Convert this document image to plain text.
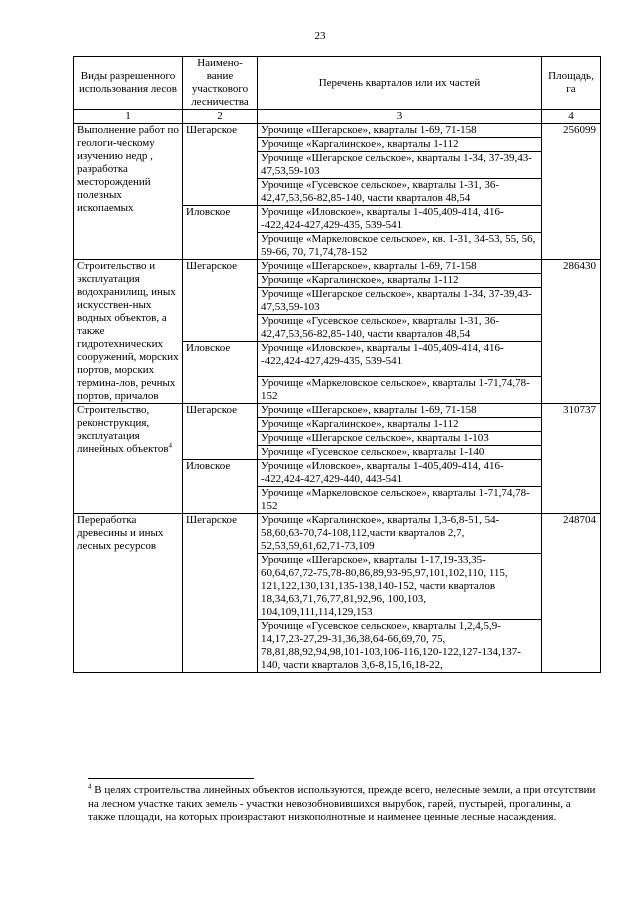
23
Виды разрешенного использования лесов	Наимено-вание участкового лесничества	Перечень кварталов или их частей	Площадь, га
1	2	3	4
Выполнение работ по геологи-ческому изучению недр , разработка месторождений полезных ископаемых	Шегарское	Урочище «Шегарское», кварталы 1-69, 71-158	256099
		Урочище «Каргалинское», кварталы 1-112	
		Урочище «Шегарское сельское», кварталы 1-34, 37-39,43-47,53,59-103	
		Урочище «Гусевское сельское», кварталы 1-31, 36-42,47,53,56-82,85-140, части кварталов 48,54	
	Иловское	Урочище «Иловское», кварталы 1-405,409-414, 416--422,424-427,429-435, 539-541	
		Урочище «Маркеловское сельское», кв. 1-31, 34-53, 55, 56, 59-66, 70, 71,74,78-152	
Строительство и эксплуатация водохранилищ, иных искусствен-ных водных объектов, а также гидротехнических сооружений, морских портов, морских термина-лов, речных портов, причалов	Шегарское	Урочище «Шегарское», кварталы 1-69, 71-158	286430
		Урочище «Каргалинское», кварталы 1-112	
		Урочище «Шегарское сельское», кварталы 1-34, 37-39,43-47,53,59-103	
		Урочище «Гусевское сельское», кварталы 1-31, 36-42,47,53,56-82,85-140, части кварталов 48,54	
	Иловское	Урочище «Иловское», кварталы 1-405,409-414, 416--422,424-427,429-435, 539-541	
		Урочище «Маркеловское сельское», кварталы 1-71,74,78-152	
Строительство, реконструкция, эксплуатация линейных объектов$^4$	Шегарское	Урочище «Шегарское», кварталы 1-69, 71-158	310737
		Урочище «Каргалинское», кварталы 1-112	
		Урочище «Шегарское сельское», кварталы 1-103	
		Урочище «Гусевское сельское», кварталы 1-140	
	Иловское	Урочище «Иловское», кварталы 1-405,409-414, 416--422,424-427,429-440, 443-541	
		Урочище «Маркеловское сельское», кварталы 1-71,74,78-152	
Переработка древесины и иных лесных ресурсов	Шегарское	Урочище «Каргалинское», кварталы 1,3-6,8-51, 54-58,60,63-70,74-108,112,части кварталов 2,7, 52,53,59,61,62,71-73,109	248704
		Урочище «Шегарское», кварталы 1-17,19-33,35-60,64,67,72-75,78-80,86,89,93-95,97,101,102,110, 115, 121,122,130,131,135-138,140-152, части кварталов 18,34,63,71,76,77,81,92,96, 100,103, 104,109,111,114,129,153	
		Урочище «Гусевское сельское», кварталы 1,2,4,5,9-14,17,23-27,29-31,36,38,64-66,69,70, 75, 78,81,88,92,94,98,101-103,106-116,120-122,127-134,137-140, части кварталов 3,6-8,15,16,18-22,	
$^4$ В целях строительства линейных объектов используются, прежде всего, нелесные земли, а при отсутствии на лесном участке таких земель - участки невозобновившихся вырубок, гарей, пустырей, прогалины, а также площади, на которых произрастают низкополнотные и наименее ценные лесные насаждения.
